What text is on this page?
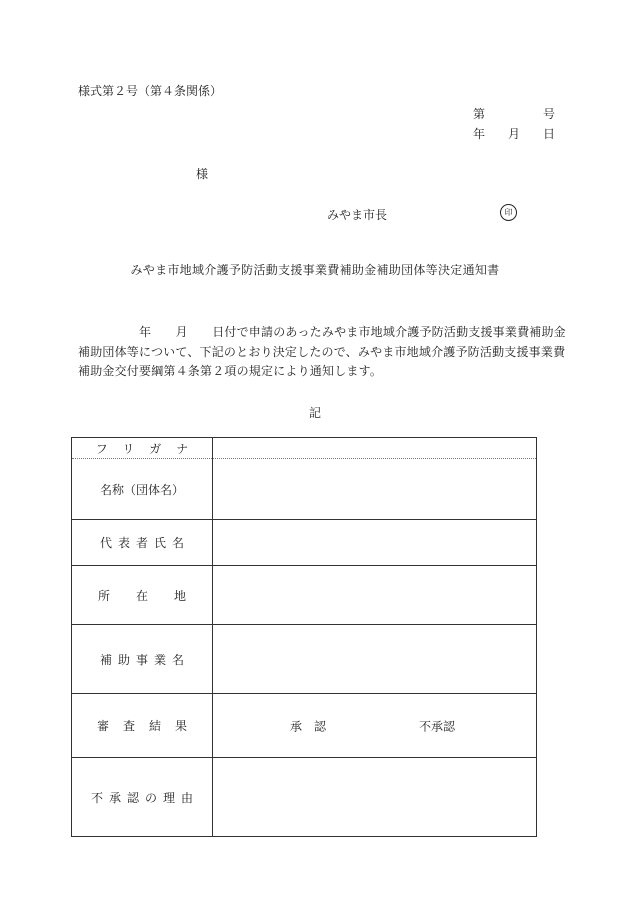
様式第２号（第４条関係）
第	号
年 月 日
様
みやま市長	印
みやま市地域介護予防活動支援事業費補助金補助団体等決定通知書
　　　　　年　　月　　日付で申請のあったみやま市地域介護予防活動支援事業費補助金
補助団体等について、下記のとおり決定したので、みやま市地域介護予防活動支援事業費
補助金交付要綱第４条第２項の規定により通知します。
記
フリガナ	
名称（団体名）	
代表者氏名	
所在地	
補助事業名	
審査結果	承　認 不承認

不承認の理由	
